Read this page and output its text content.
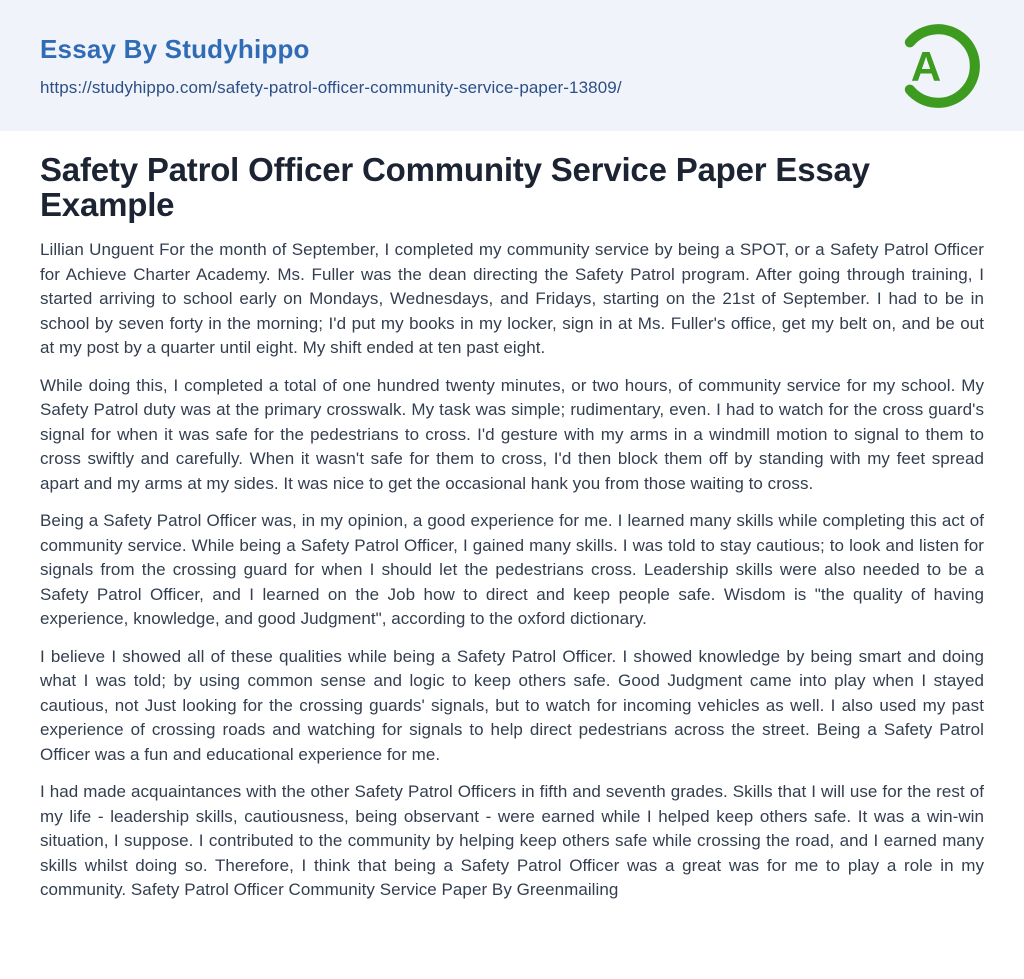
Essay By Studyhippo
https://studyhippo.com/safety-patrol-officer-community-service-paper-13809/	A
Safety Patrol Officer Community Service Paper Essay Example

Lillian Unguent For the month of September, I completed my community service by being a SPOT, or a Safety Patrol Officer for Achieve Charter Academy. Ms. Fuller was the dean directing the Safety Patrol program. After going through training, I started arriving to school early on Mondays, Wednesdays, and Fridays, starting on the 21st of September. I had to be in school by seven forty in the morning; I'd put my books in my locker, sign in at Ms. Fuller's office, get my belt on, and be out at my post by a quarter until eight. My shift ended at ten past eight.

While doing this, I completed a total of one hundred twenty minutes, or two hours, of community service for my school. My Safety Patrol duty was at the primary crosswalk. My task was simple; rudimentary, even. I had to watch for the cross guard's signal for when it was safe for the pedestrians to cross. I'd gesture with my arms in a windmill motion to signal to them to cross swiftly and carefully. When it wasn't safe for them to cross, I'd then block them off by standing with my feet spread apart and my arms at my sides. It was nice to get the occasional hank you from those waiting to cross.

Being a Safety Patrol Officer was, in my opinion, a good experience for me. I learned many skills while completing this act of community service. While being a Safety Patrol Officer, I gained many skills. I was told to stay cautious; to look and listen for signals from the crossing guard for when I should let the pedestrians cross. Leadership skills were also needed to be a Safety Patrol Officer, and I learned on the Job how to direct and keep people safe. Wisdom is "the quality of having experience, knowledge, and good Judgment", according to the oxford dictionary.

I believe I showed all of these qualities while being a Safety Patrol Officer. I showed knowledge by being smart and doing what I was told; by using common sense and logic to keep others safe. Good Judgment came into play when I stayed cautious, not Just looking for the crossing guards' signals, but to watch for incoming vehicles as well. I also used my past experience of crossing roads and watching for signals to help direct pedestrians across the street. Being a Safety Patrol Officer was a fun and educational experience for me.

I had made acquaintances with the other Safety Patrol Officers in fifth and seventh grades. Skills that I will use for the rest of my life - leadership skills, cautiousness, being observant - were earned while I helped keep others safe. It was a win-win situation, I suppose. I contributed to the community by helping keep others safe while crossing the road, and I earned many skills whilst doing so. Therefore, I think that being a Safety Patrol Officer was a great was for me to play a role in my community. Safety Patrol Officer Community Service Paper By Greenmailing
